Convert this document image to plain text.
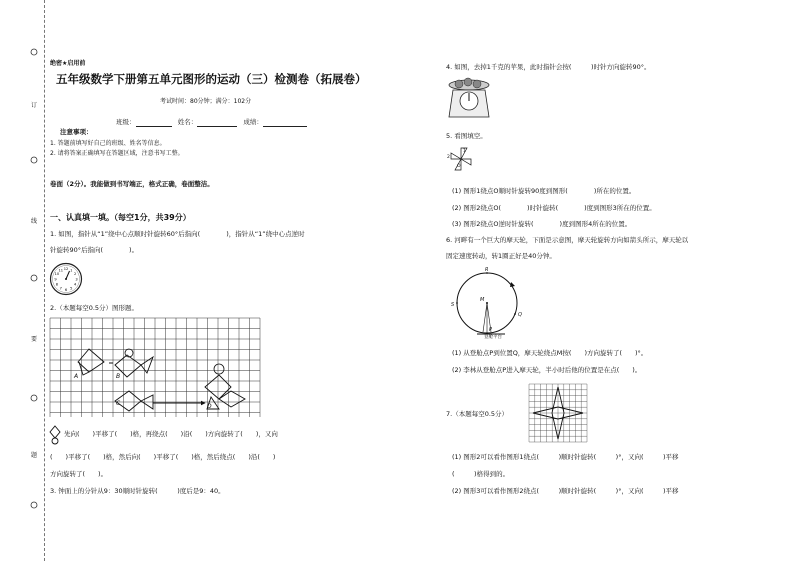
订
线
要
题
绝密★启用前
五年级数学下册第五单元图形的运动（三）检测卷（拓展卷）
考试时间：80分钟；满分：102分
班级：	姓名：	成绩：
注意事项：
1. 答题前填写好自己的班级、姓名等信息。
2. 请将答案正确填写在答题区域，注意书写工整。
卷面（2分）。我能做到书写端正，格式正确，卷面整洁。
一、认真填一填。（每空1分，共39分）
1. 如图，指针从“1”绕中心点顺时针旋转60°后指向(　　　　)，指针从“1”绕中心点逆时
针旋转90°后指向(　　　　)。
12 1
2
3
4
5
6
7
8
9
10
11
2.（本题每空0.5分）图形题。
A	B
C	D
先向(　　)平移了(　　)格，再绕点(　　)沿(　　)方向旋转了(　　)，又向
(　　)平移了(　　)格，然后向(　　)平移了(　　)格，然后绕点(　　)沿(　　)
方向旋转了(　　)。
3. 钟面上的分针从9：30顺时针旋转(　　　)度后是9：40。
4. 如图，去掉1千克的苹果，此时指针会按(　　　)时针方向旋转90°。
5. 看图填空。
2
1
O
(1) 图形1绕点O顺时针旋转90度到图形(　　　　)所在的位置。
(2) 图形2绕点O(　　　　)时针旋转(　　　　)度到图形3所在的位置。
(3) 图形2绕点O逆时针旋转(　　　　)度到图形4所在的位置。
6. 河畔有一个巨大的摩天轮，下面是示意图，摩天轮旋转方向如箭头所示，摩天轮以
固定速度转动，转1圈正好是40分钟。
R
S
M
Q
P
登舱平台
(1) 从登舱点P到位置Q，摩天轮绕点M按(　　)方向旋转了(　　)°。
(2) 李林从登舱点P进入摩天轮，半小时后他的位置是在点(　　)。
7.（本题每空0.5分）
(1) 图形2可以看作图形1绕点(　　　)顺时针旋转(　　　)°，又向(　　　)平移
(　　　)格得到的。
(2) 图形3可以看作图形2绕点(　　　)顺时针旋转(　　　)°，又向(　　　)平移
